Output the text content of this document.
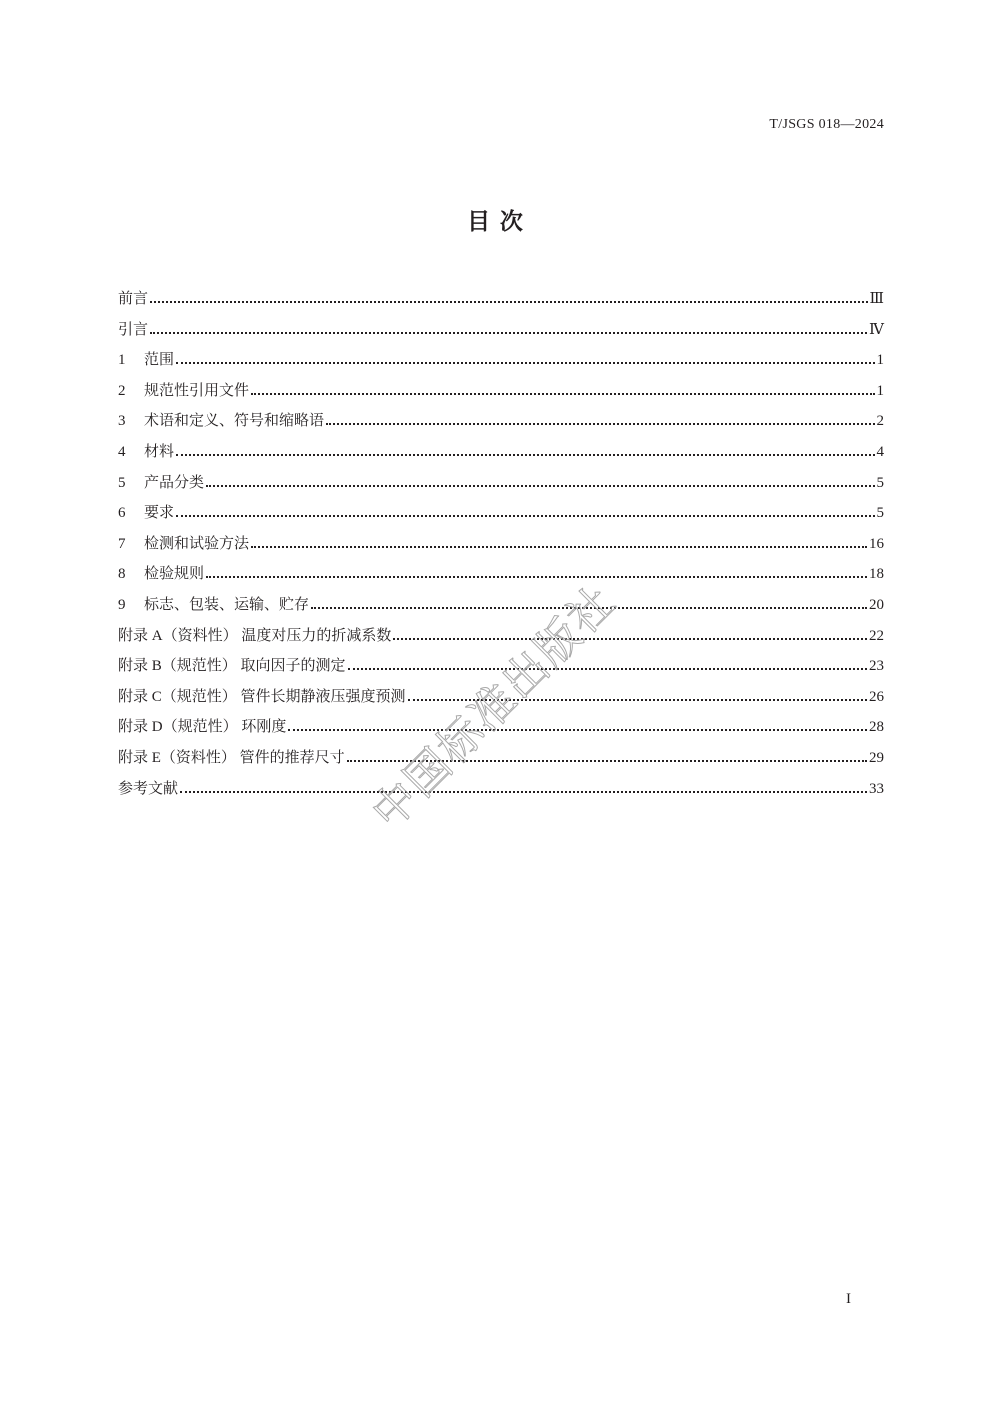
T/JSGS 018—2024
目 次
前言	Ⅲ
引言	Ⅳ
1	范围	1
2	规范性引用文件	1
3	术语和定义、符号和缩略语	2
4	材料	4
5	产品分类	5
6	要求	5
7	检测和试验方法	16
8	检验规则	18
9	标志、包装、运输、贮存	20
附录 A（资料性） 温度对压力的折减系数	22
附录 B（规范性） 取向因子的测定	23
附录 C（规范性） 管件长期静液压强度预测	26
附录 D（规范性） 环刚度	28
附录 E（资料性） 管件的推荐尺寸	29
参考文献	33
中国标准出版社
I
